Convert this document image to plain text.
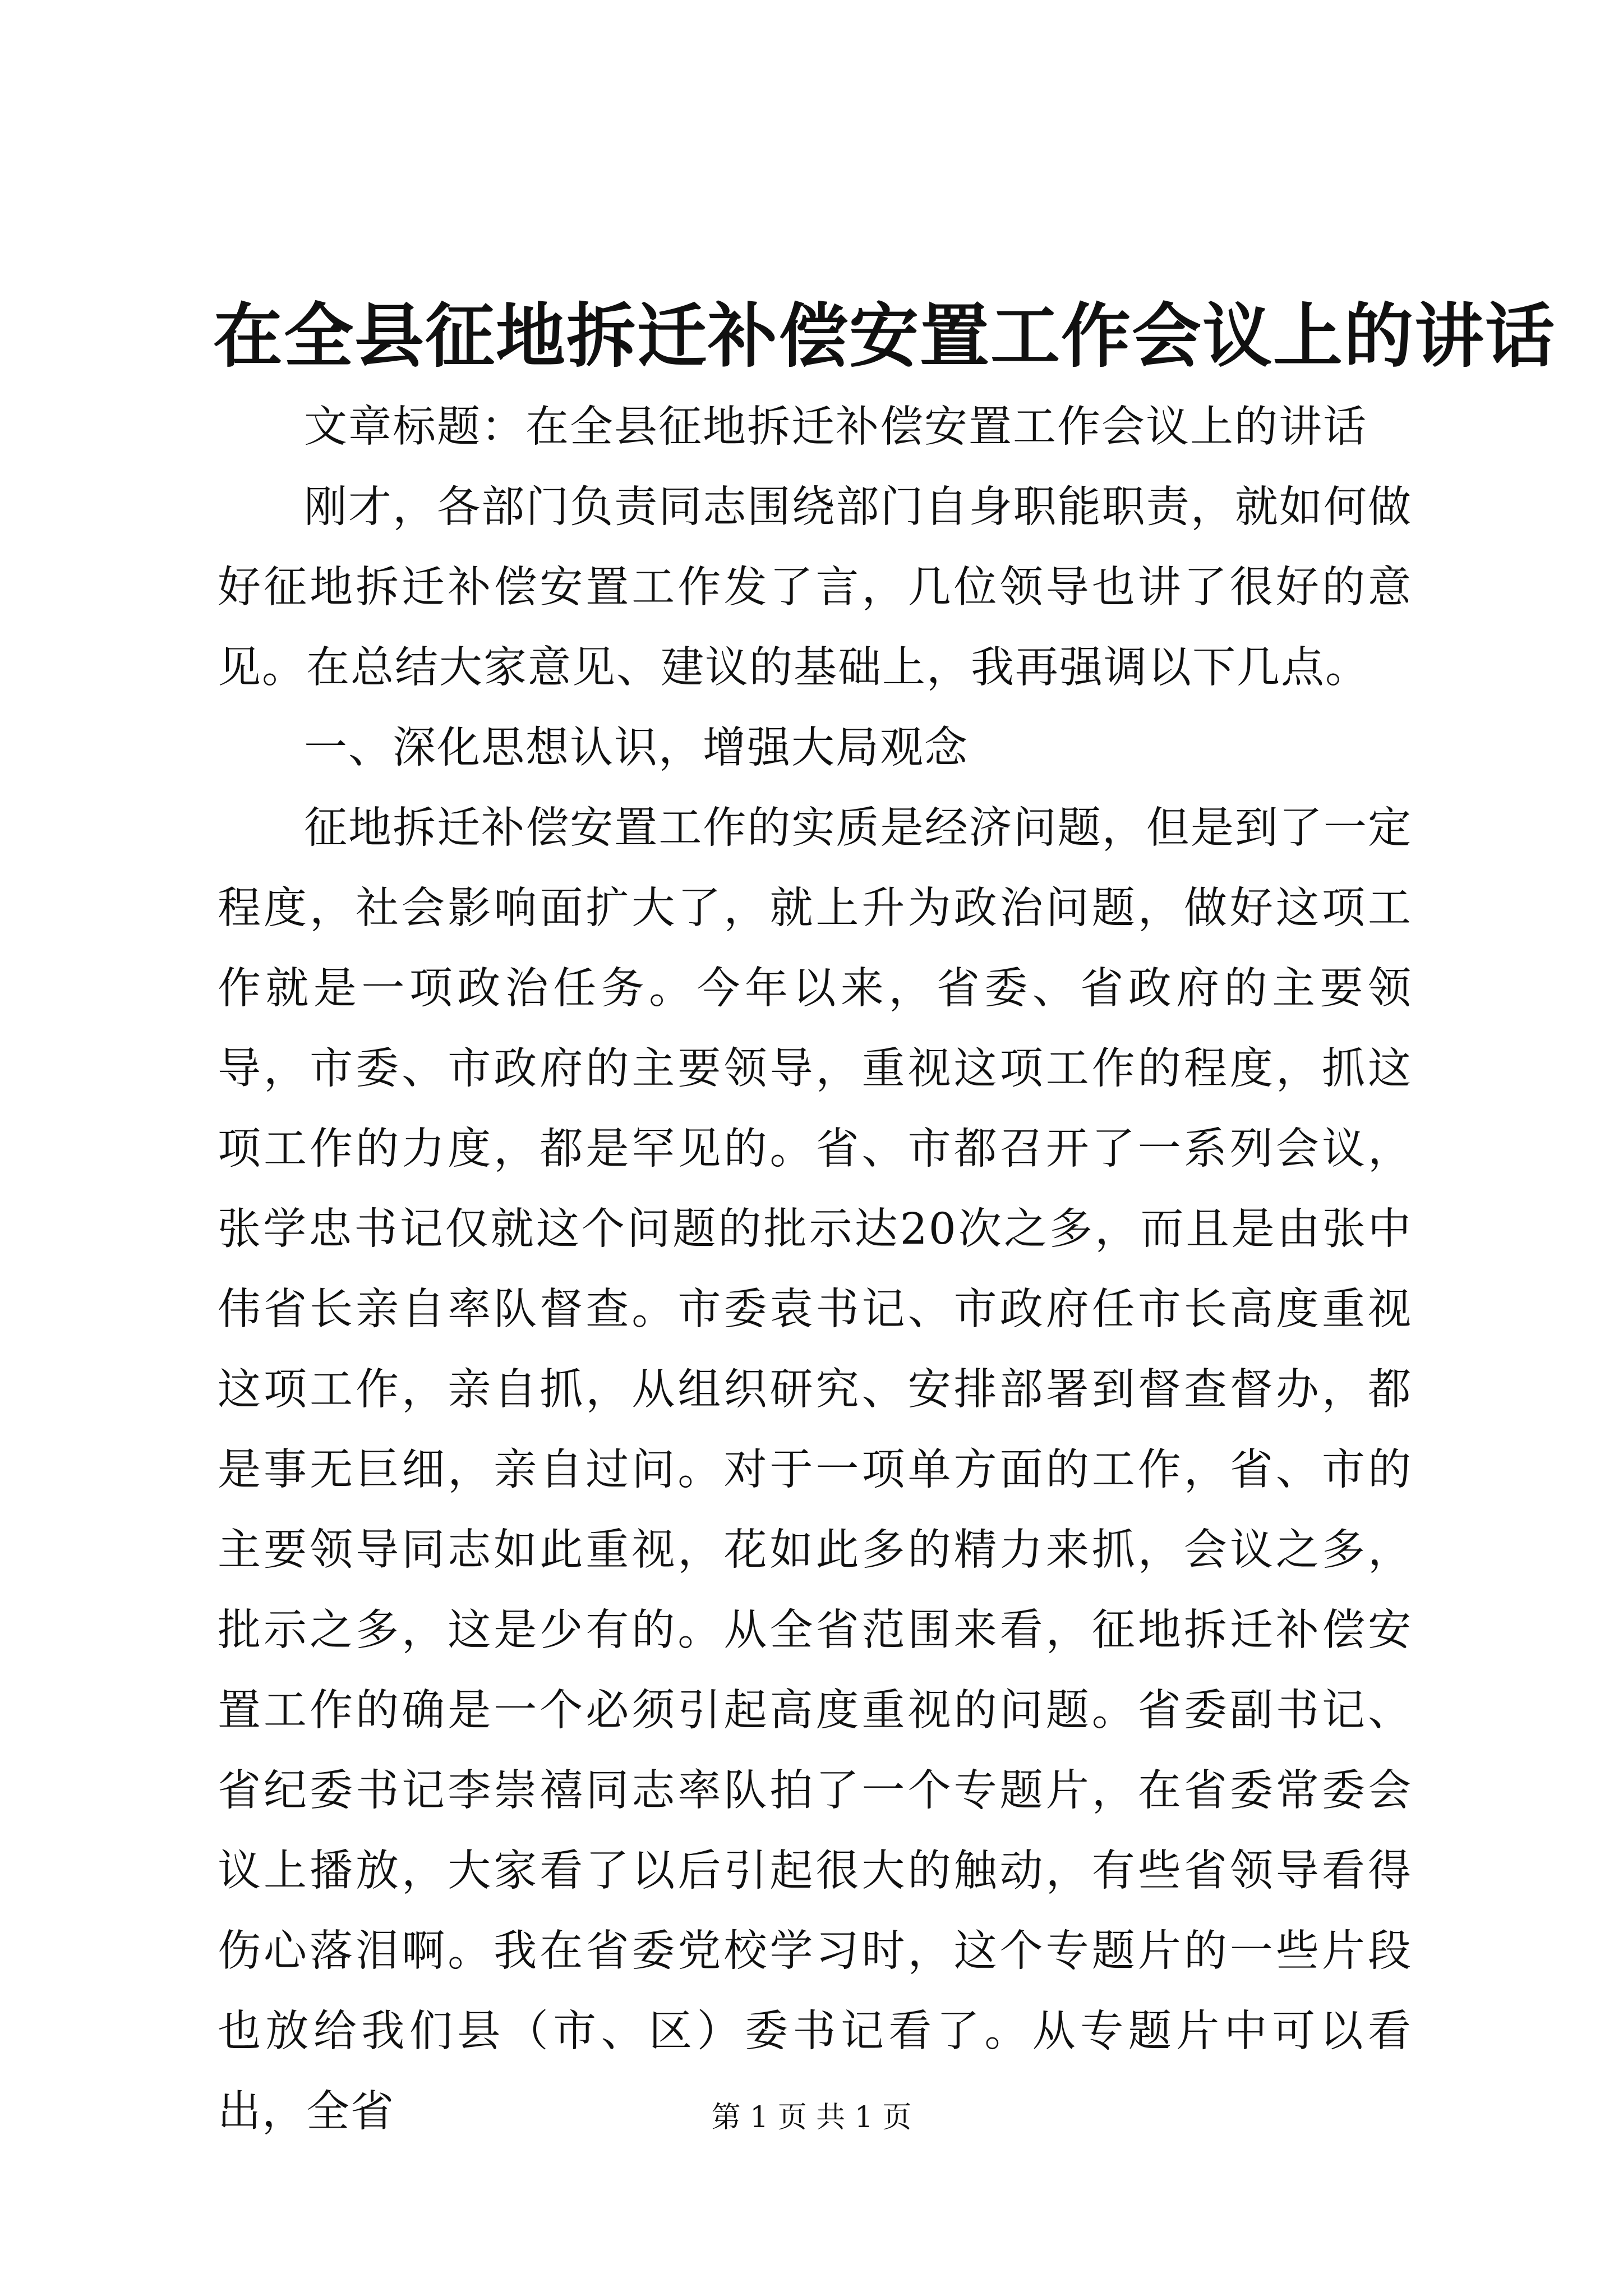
在全县征地拆迁补偿安置工作会议上的讲话

文章标题：在全县征地拆迁补偿安置工作会议上的讲话

刚才，各部门负责同志围绕部门自身职能职责，就如何做好征地拆迁补偿安置工作发了言，几位领导也讲了很好的意见。在总结大家意见、建议的基础上，我再强调以下几点。

一、深化思想认识，增强大局观念

征地拆迁补偿安置工作的实质是经济问题，但是到了一定程度，社会影响面扩大了，就上升为政治问题，做好这项工作就是一项政治任务。今年以来，省委、省政府的主要领导，市委、市政府的主要领导，重视这项工作的程度，抓这项工作的力度，都是罕见的。省、市都召开了一系列会议，张学忠书记仅就这个问题的批示达20次之多，而且是由张中伟省长亲自率队督查。市委袁书记、市政府任市长高度重视这项工作，亲自抓，从组织研究、安排部署到督查督办，都是事无巨细，亲自过问。对于一项单方面的工作，省、市的主要领导同志如此重视，花如此多的精力来抓，会议之多，批示之多，这是少有的。从全省范围来看，征地拆迁补偿安置工作的确是一个必须引起高度重视的问题。省委副书记、省纪委书记李崇禧同志率队拍了一个专题片，在省委常委会议上播放，大家看了以后引起很大的触动，有些省领导看得伤心落泪啊。我在省委党校学习时，这个专题片的一些片段也放给我们县（市、区）委书记看了。从专题片中可以看出，全省	第 1 页 共 1 页
